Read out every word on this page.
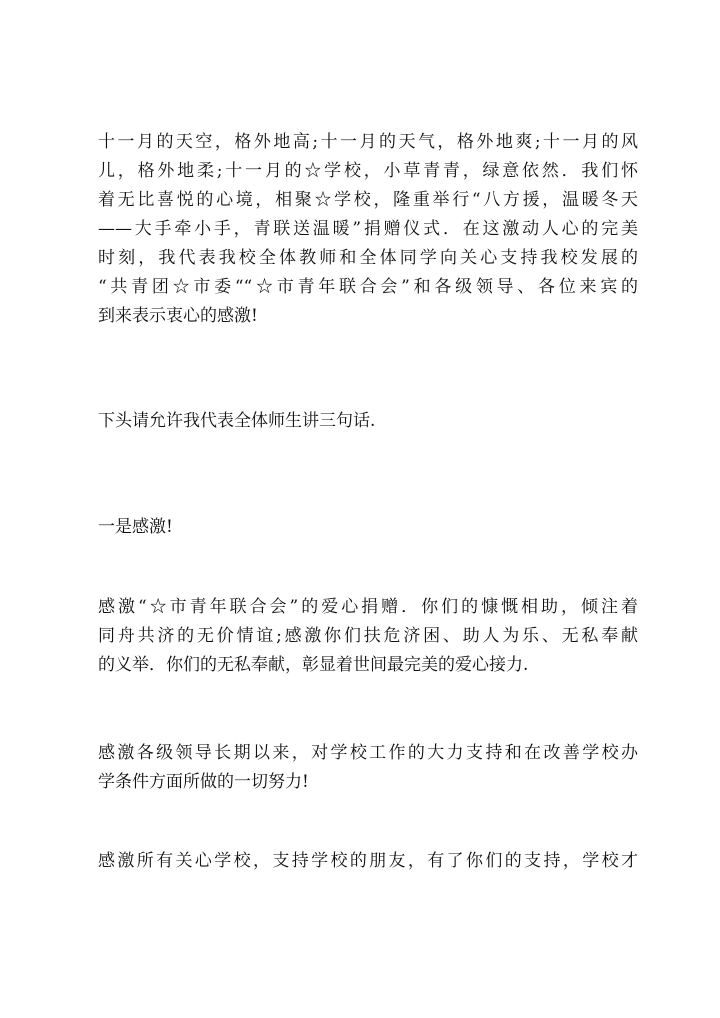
十一月的天空，格外地高;十一月的天气，格外地爽;十一月的风
儿，格外地柔;十一月的☆学校，小草青青，绿意依然．我们怀
着无比喜悦的心境，相聚☆学校，隆重举行“八方援，温暖冬天
——大手牵小手，青联送温暖”捐赠仪式．在这激动人心的完美
时刻，我代表我校全体教师和全体同学向关心支持我校发展的
“共青团☆市委““☆市青年联合会”和各级领导、各位来宾的
到来表示衷心的感激!
下头请允许我代表全体师生讲三句话.
一是感激!
感激“☆市青年联合会”的爱心捐赠．你们的慷慨相助，倾注着
同舟共济的无价情谊;感激你们扶危济困、助人为乐、无私奉献
的义举．你们的无私奉献，彰显着世间最完美的爱心接力.
感激各级领导长期以来，对学校工作的大力支持和在改善学校办
学条件方面所做的一切努力!
感激所有关心学校，支持学校的朋友，有了你们的支持，学校才
